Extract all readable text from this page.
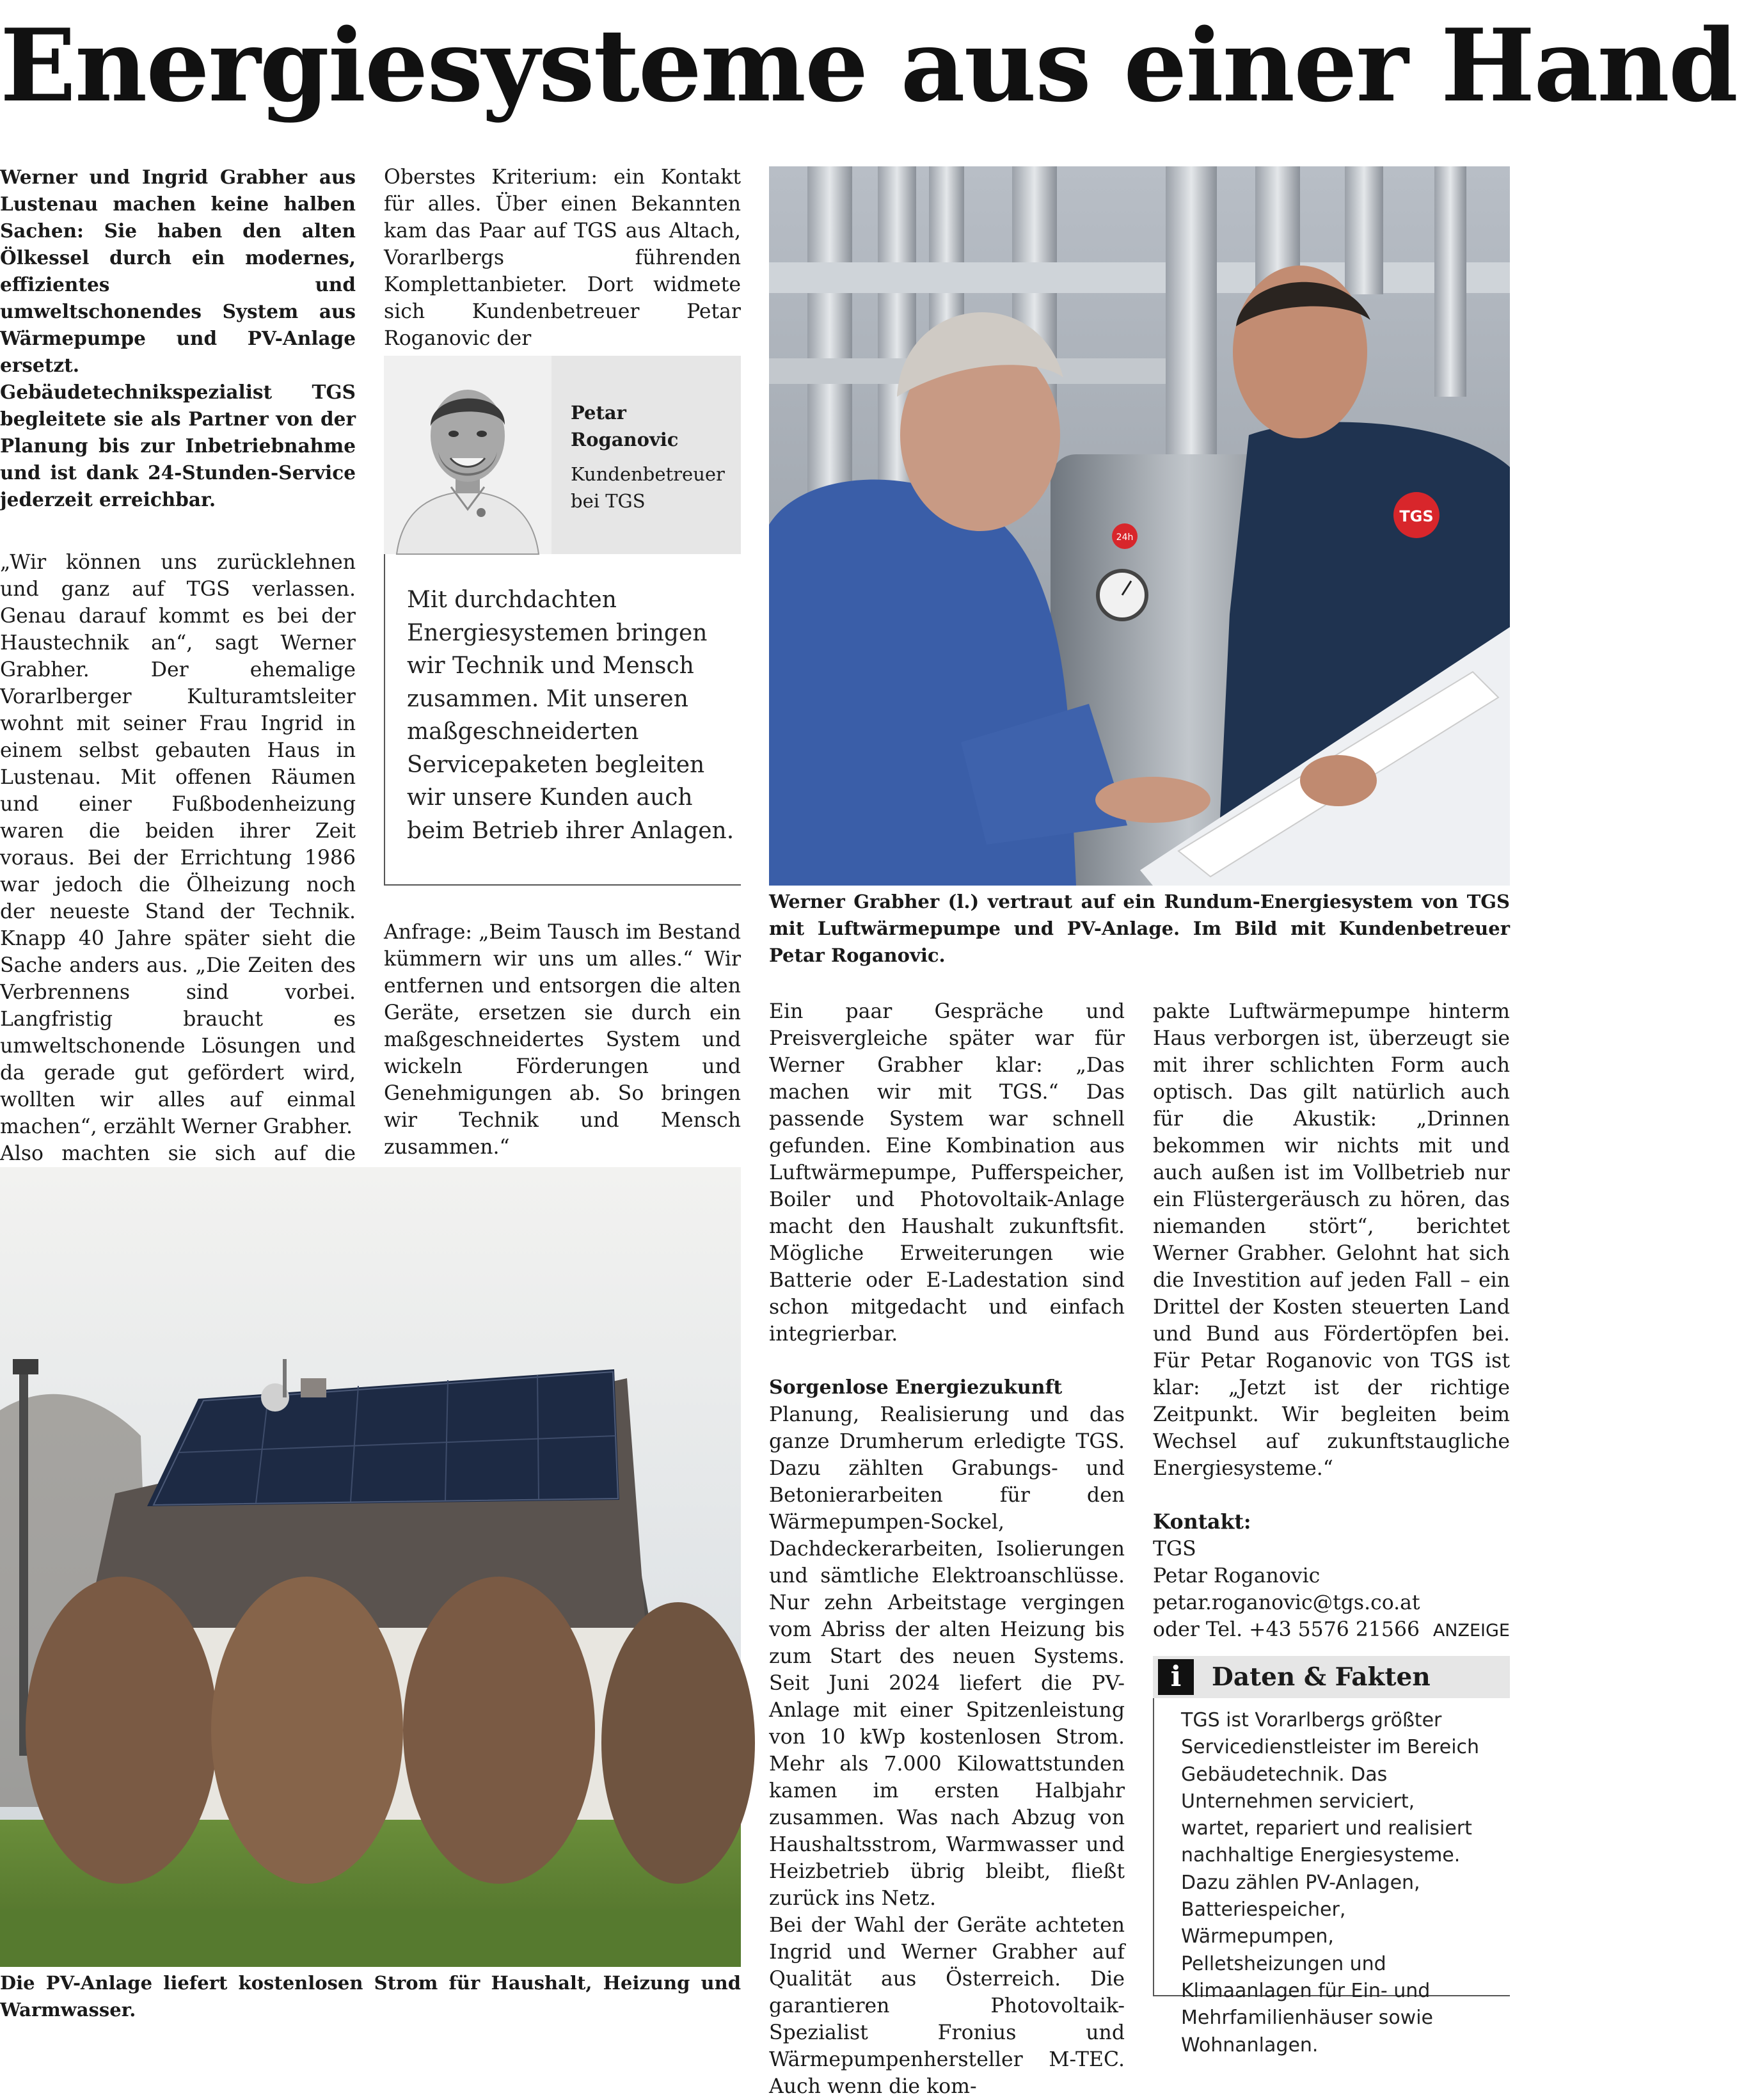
Energiesysteme aus einer Hand

Werner und Ingrid Grabher aus Lustenau machen keine halben Sachen: Sie haben den alten Ölkessel durch ein modernes, effizientes und umweltschonendes System aus Wärmepumpe und PV-Anlage ersetzt. Gebäudetechnikspezialist TGS begleitete sie als Partner von der Planung bis zur Inbetriebnahme und ist dank 24-Stunden-Service jederzeit erreichbar.

„Wir können uns zurücklehnen und ganz auf TGS verlassen. Genau darauf kommt es bei der Haustechnik an“, sagt Werner Grabher. Der ehemalige Vorarlberger Kulturamtsleiter wohnt mit seiner Frau Ingrid in einem selbst gebauten Haus in Lustenau. Mit offenen Räumen und einer Fußbodenheizung waren die beiden ihrer Zeit voraus. Bei der Errichtung 1986 war jedoch die Ölheizung noch der neueste Stand der Technik. Knapp 40 Jahre später sieht die Sache anders aus. „Die Zeiten des Verbrennens sind vorbei. Langfristig braucht es umweltschonende Lösungen und da gerade gut gefördert wird, wollten wir alles auf einmal machen“, erzählt Werner Grabher.

Also machten sie sich auf die

Oberstes Kriterium: ein Kontakt für alles. Über einen Bekannten kam das Paar auf TGS aus Altach, Vorarlbergs führenden Komplettanbieter. Dort widmete sich Kundenbetreuer Petar Roganovic der

Petar
Roganovic
Kundenbetreuer
bei TGS

Mit durchdachten Energiesystemen bringen wir Technik und Mensch zusammen. Mit unseren maßgeschneiderten Servicepaketen begleiten wir unsere Kunden auch beim Betrieb ihrer Anlagen.

Anfrage: „Beim Tausch im Bestand kümmern wir uns um alles.“ Wir entfernen und entsorgen die alten Geräte, ersetzen sie durch ein maßgeschneidertes System und wickeln Förderungen und Genehmigungen ab. So bringen wir Technik und Mensch zusammen.“

24h
TGS

Werner Grabher (l.) vertraut auf ein Rundum-Energiesystem von TGS mit Luftwärmepumpe und PV-Anlage. Im Bild mit Kundenbetreuer Petar Roganovic.

Die PV-Anlage liefert kostenlosen Strom für Haushalt, Heizung und Warmwasser.

Ein paar Gespräche und Preisvergleiche später war für Werner Grabher klar: „Das machen wir mit TGS.“ Das passende System war schnell gefunden. Eine Kombination aus Luftwärmepumpe, Pufferspeicher, Boiler und Photovoltaik-Anlage macht den Haushalt zukunftsfit. Mögliche Erweiterungen wie Batterie oder E-Ladestation sind schon mitgedacht und einfach integrierbar.

Sorgenlose Energiezukunft

Planung, Realisierung und das ganze Drumherum erledigte TGS. Dazu zählten Grabungs- und Betonierarbeiten für den Wärmepumpen-Sockel, Dachdeckerarbeiten, Isolierungen und sämtliche Elektroanschlüsse. Nur zehn Arbeitstage vergingen vom Abriss der alten Heizung bis zum Start des neuen Systems. Seit Juni 2024 liefert die PV-Anlage mit einer Spitzenleistung von 10 kWp kostenlosen Strom. Mehr als 7.000 Kilowattstunden kamen im ersten Halbjahr zusammen. Was nach Abzug von Haushaltsstrom, Warmwasser und Heizbetrieb übrig bleibt, fließt zurück ins Netz.

Bei der Wahl der Geräte achteten Ingrid und Werner Grabher auf Qualität aus Österreich. Die garantieren Photovoltaik-Spezialist Fronius und Wärmepumpenhersteller M-TEC. Auch wenn die kom-

pakte Luftwärmepumpe hinterm Haus verborgen ist, überzeugt sie mit ihrer schlichten Form auch optisch. Das gilt natürlich auch für die Akustik: „Drinnen bekommen wir nichts mit und auch außen ist im Vollbetrieb nur ein Flüstergeräusch zu hören, das niemanden stört“, berichtet Werner Grabher. Gelohnt hat sich die Investition auf jeden Fall – ein Drittel der Kosten steuerten Land und Bund aus Fördertöpfen bei. Für Petar Roganovic von TGS ist klar: „Jetzt ist der richtige Zeitpunkt. Wir begleiten beim Wechsel auf zukunftstaugliche Energiesysteme.“

Kontakt:
TGS
Petar Roganovic
petar.roganovic@tgs.co.at
oder Tel. +43 5576 21566 ANZEIGE
i	Daten & Fakten
TGS ist Vorarlbergs größter Servicedienstleister im Bereich Gebäudetechnik. Das Unternehmen serviciert, wartet, repariert und realisiert nachhaltige Energiesysteme. Dazu zählen PV-Anlagen, Batteriespeicher, Wärmepumpen, Pelletsheizungen und Klimaanlagen für Ein- und Mehrfamilienhäuser sowie Wohnanlagen.
